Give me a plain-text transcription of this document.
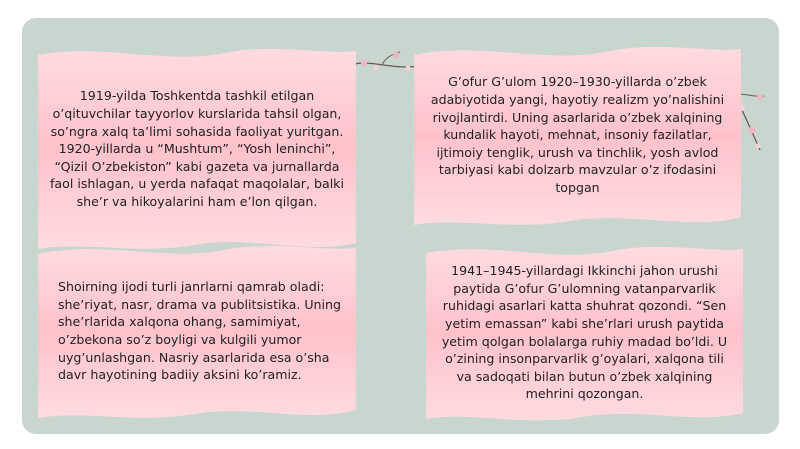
1919-yilda Toshkentda tashkil etilgan o’qituvchilar tayyorlov kurslarida tahsil olgan, so’ngra xalq ta’limi sohasida faoliyat yuritgan. 1920-yillarda u “Mushtum”, “Yosh leninchi”, “Qizil O’zbekiston” kabi gazeta va jurnallarda faol ishlagan, u yerda nafaqat maqolalar, balki she’r va hikoyalarini ham e’lon qilgan.
G’ofur G’ulom 1920–1930-yillarda o’zbek adabiyotida yangi, hayotiy realizm yo’nalishini rivojlantirdi. Uning asarlarida o’zbek xalqining kundalik hayoti, mehnat, insoniy fazilatlar, ijtimoiy tenglik, urush va tinchlik, yosh avlod tarbiyasi kabi dolzarb mavzular o’z ifodasini topgan
Shoirning ijodi turli janrlarni qamrab oladi: she’riyat, nasr, drama va publitsistika. Uning she’rlarida xalqona ohang, samimiyat, o’zbekona so’z boyligi va kulgili yumor uyg’unlashgan. Nasriy asarlarida esa o’sha davr hayotining badiiy aksini ko’ramiz.
1941–1945-yillardagi Ikkinchi jahon urushi paytida G’ofur G’ulomning vatanparvarlik ruhidagi asarlari katta shuhrat qozondi. “Sen yetim emassan” kabi she’rlari urush paytida yetim qolgan bolalarga ruhiy madad bo’ldi. U o’zining insonparvarlik g’oyalari, xalqona tili va sadoqati bilan butun o’zbek xalqining mehrini qozongan.
